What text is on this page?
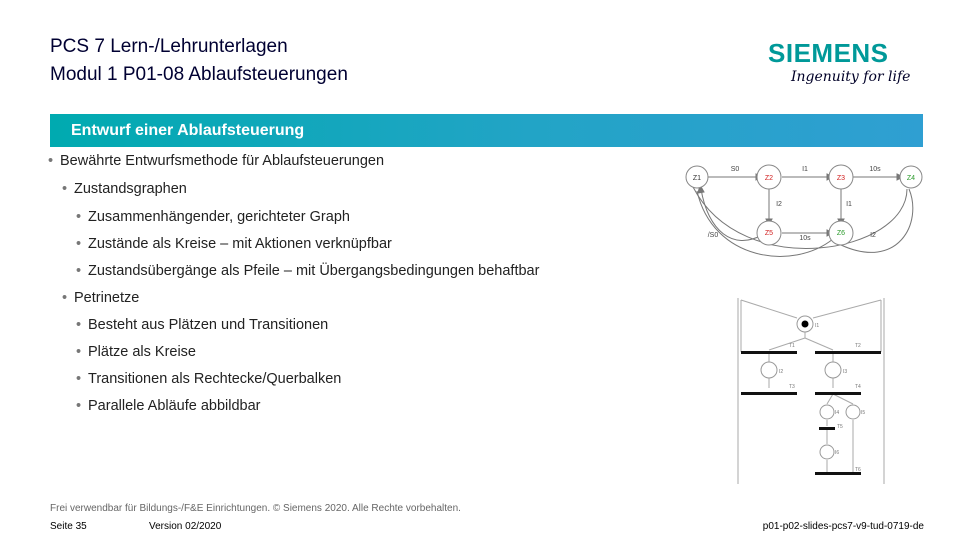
PCS 7 Lern-/Lehrunterlagen
Modul 1 P01-08 Ablaufsteuerungen
SIEMENS
Ingenuity for life
Entwurf einer Ablaufsteuerung
• Bewährte Entwurfsmethode für Ablaufsteuerungen
• Zustandsgraphen
• Zusammenhängender, gerichteter Graph
• Zustände als Kreise – mit Aktionen verknüpfbar
• Zustandsübergänge als Pfeile – mit Übergangsbedingungen behaftbar
• Petrinetze
• Besteht aus Plätzen und Transitionen
• Plätze als Kreise
• Transitionen als Rechtecke/Querbalken
• Parallele Abläufe abbildbar
Z1	Z2	Z3	Z4
Z5	Z6
S0	I1	10s
I2	I1
/S0	10s	I2
I1
I2	I3
I4	I5
I6
T1	T2
T3	T4
T5
T6
Frei verwendbar für Bildungs-/F&E Einrichtungen. © Siemens 2020. Alle Rechte vorbehalten.
Seite 35	Version 02/2020	p01-p02-slides-pcs7-v9-tud-0719-de
